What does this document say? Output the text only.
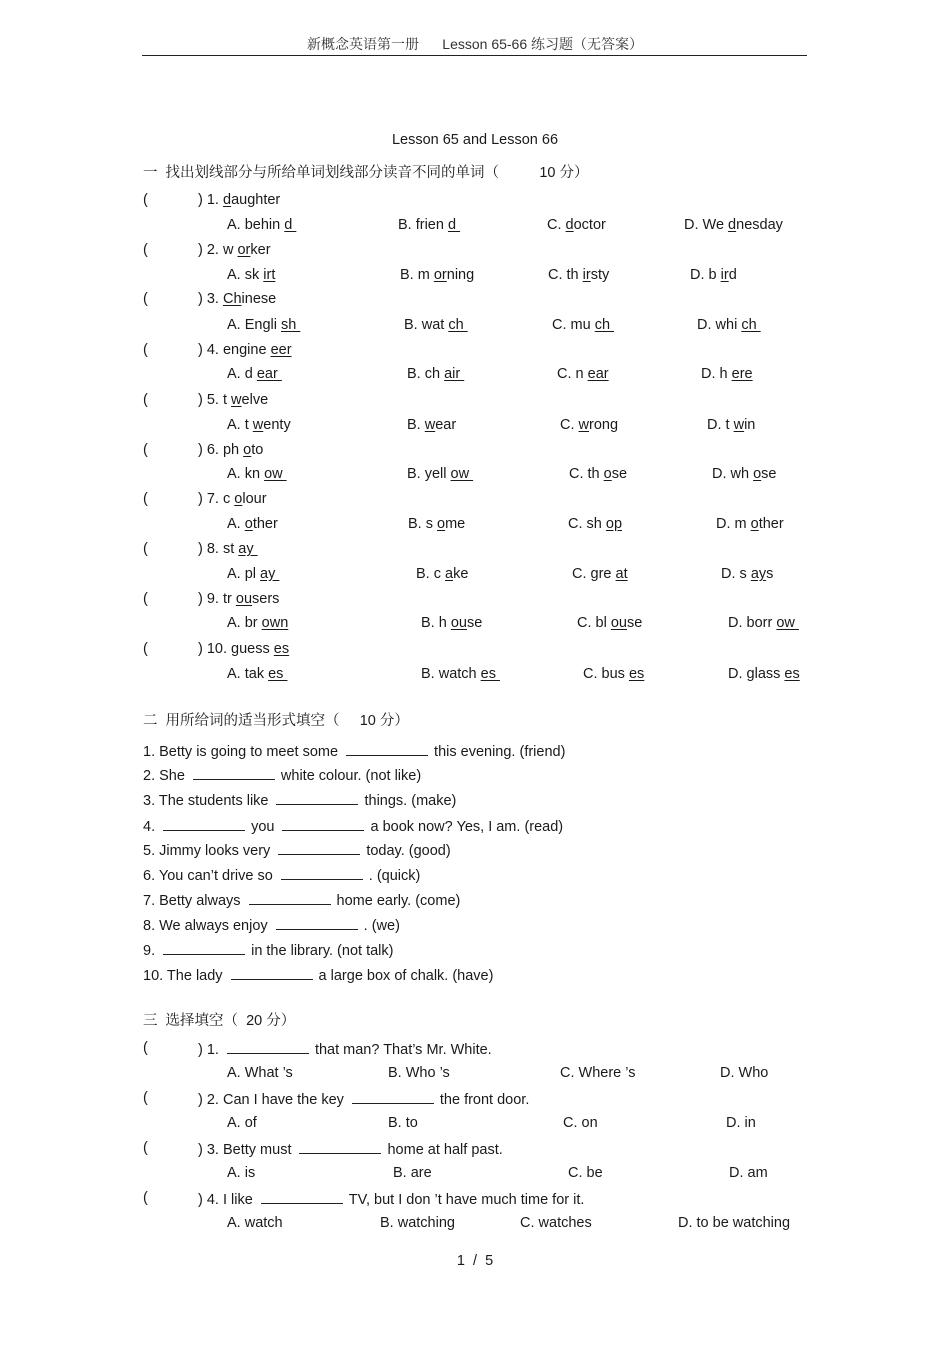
新概念英语第一册      Lesson 65-66 练习题（无答案）
Lesson 65 and Lesson 66
一  找出划线部分与所给单词划线部分读音不同的单词（          10 分）
(	) 1. daughter
A. behin d	B. frien d	C. doctor	D. We dnesday
(	) 2. w orker
A. sk irt	B. m orning	C. th irsty	D. b ird
(	) 3. Chinese
A. Engli sh	B. wat ch	C. mu ch	D. whi ch
(	) 4. engine eer
A. d ear	B. ch air	C. n ear	D. h ere
(	) 5. t welve
A. t wenty	B. wear	C. wrong	D. t win
(	) 6. ph oto
A. kn ow	B. yell ow	C. th ose	D. wh ose
(	) 7. c olour
A. other	B. s ome	C. sh op	D. m other
(	) 8. st ay
A. pl ay	B. c ake	C. gre at	D. s ays
(	) 9. tr ousers
A. br own	B. h ouse	C. bl ouse	D. borr ow
(	) 10. guess es
A. tak es	B. watch es	C. bus es	D. glass es
二  用所给词的适当形式填空（     10 分）
1. Betty is going to meet some	this evening. (friend)
2. She	white colour. (not like)
3. The students like	things. (make)
4.	you	a book now? Yes, I am. (read)
5. Jimmy looks very	today. (good)
6. You can’t drive so	. (quick)
7. Betty always	home early. (come)
8. We always enjoy	. (we)
9.	in the library. (not talk)
10. The lady	a large box of chalk. (have)
三  选择填空（  20 分）
(	) 1.	that man? That’s Mr. White.
A. What ’s	B. Who ’s	C. Where ’s	D. Who
(	) 2. Can I have the key	the front door.
A. of	B. to	C. on	D. in
(	) 3. Betty must	home at half past.
A. is	B. are	C. be	D. am
(	) 4. I like	TV, but I don ’t have much time for it.
A. watch	B. watching	C. watches	D. to be watching
1  /  5
